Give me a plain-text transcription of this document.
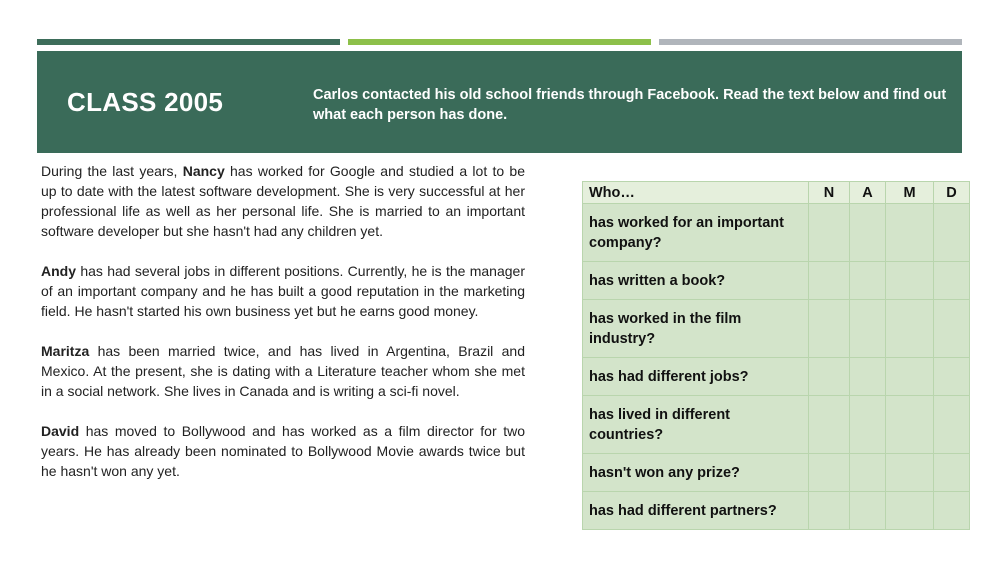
CLASS 2005	Carlos contacted his old school friends through Facebook. Read the text below and find out what each person has done.

During the last years, Nancy has worked for Google and studied a lot to be up to date with the latest software development. She is very successful at her professional life as well as her personal life. She is married to an important software developer but she hasn't had any children yet.

Andy has had several jobs in different positions. Currently, he is the manager of an important company and he has built a good reputation in the marketing field. He hasn't started his own business yet but he earns good money.

Maritza has been married twice, and has lived in Argentina, Brazil and Mexico. At the present, she is dating with a Literature teacher whom she met in a social network. She lives in Canada and is writing a sci-fi novel.

David has moved to Bollywood and has worked as a film director for two years. He has already been nominated to Bollywood Movie awards twice but he hasn't won any yet.

Who…	N	A	M	D
has worked for an important company?				
has written a book?				
has worked in the film industry?				
has had different jobs?				
has lived in different countries?				
hasn't won any prize?				
has had different partners?				
